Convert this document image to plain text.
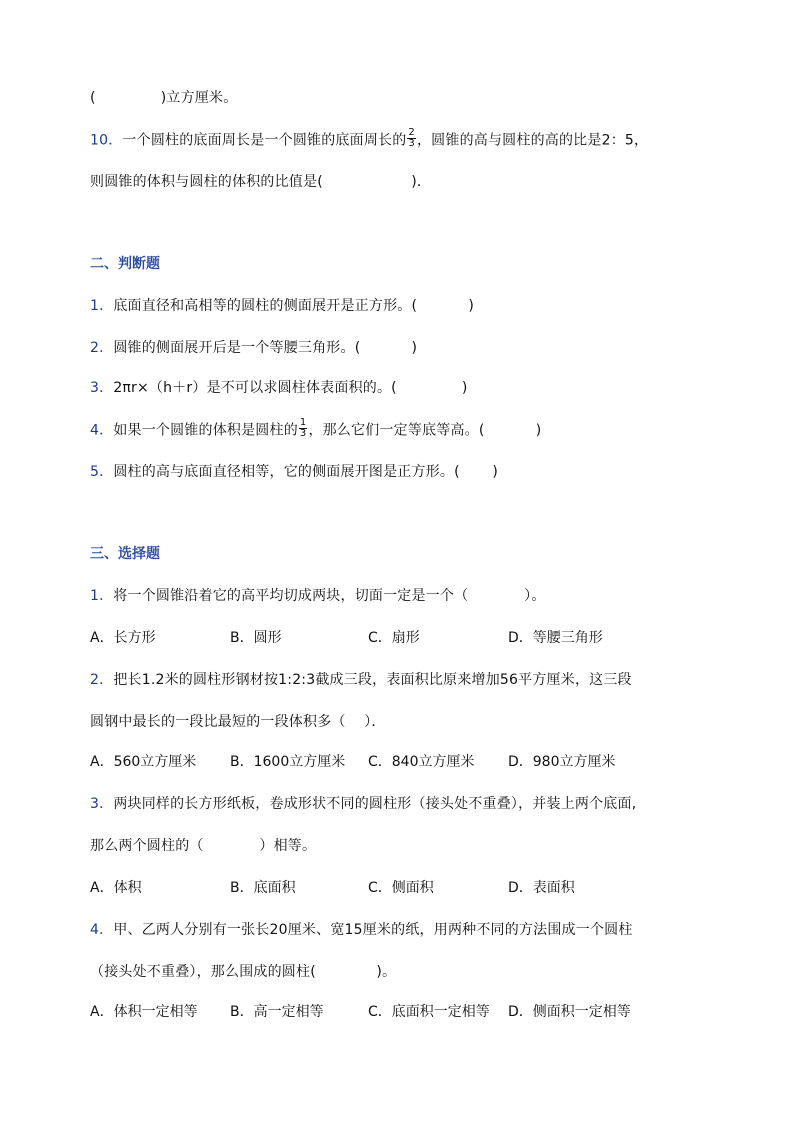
(              )立方厘米。
10．一个圆柱的底面周长是一个圆锥的底面周长的 $\frac{2}{3}$ ，圆锥的高与圆柱的高的比是2：5，
则圆锥的体积与圆柱的体积的比值是(                   )．
二、判断题
1．底面直径和高相等的圆柱的侧面展开是正方形。(           )
2．圆锥的侧面展开后是一个等腰三角形。(           )
3．2πr×（h＋r）是不可以求圆柱体表面积的。(              )
4．如果一个圆锥的体积是圆柱的 $\frac{1}{3}$ ，那么它们一定等底等高。(           )
5．圆柱的高与底面直径相等，它的侧面展开图是正方形。(       )
三、选择题
1．将一个圆锥沿着它的高平均切成两块，切面一定是一个（            ）。

A．长方形

	B．圆形

	C．扇形

	D．等腰三角形

2．把长1.2米的圆柱形钢材按1:2:3截成三段，表面积比原来增加56平方厘米，这三段
圆钢中最长的一段比最短的一段体积多（    ）．

A．560立方厘米

B．1600立方厘米

C．840立方厘米

D．980立方厘米

3．两块同样的长方形纸板，卷成形状不同的圆柱形（接头处不重叠），并装上两个底面,
那么两个圆柱的（            ）相等。

A．体积

	B．底面积

	C．侧面积

	D．表面积

4．甲、乙两人分别有一张长20厘米、宽15厘米的纸，用两种不同的方法围成一个圆柱
（接头处不重叠），那么围成的圆柱(             )。

A．体积一定相等

B．高一定相等

	C．底面积一定相等

D．侧面积一定相等
